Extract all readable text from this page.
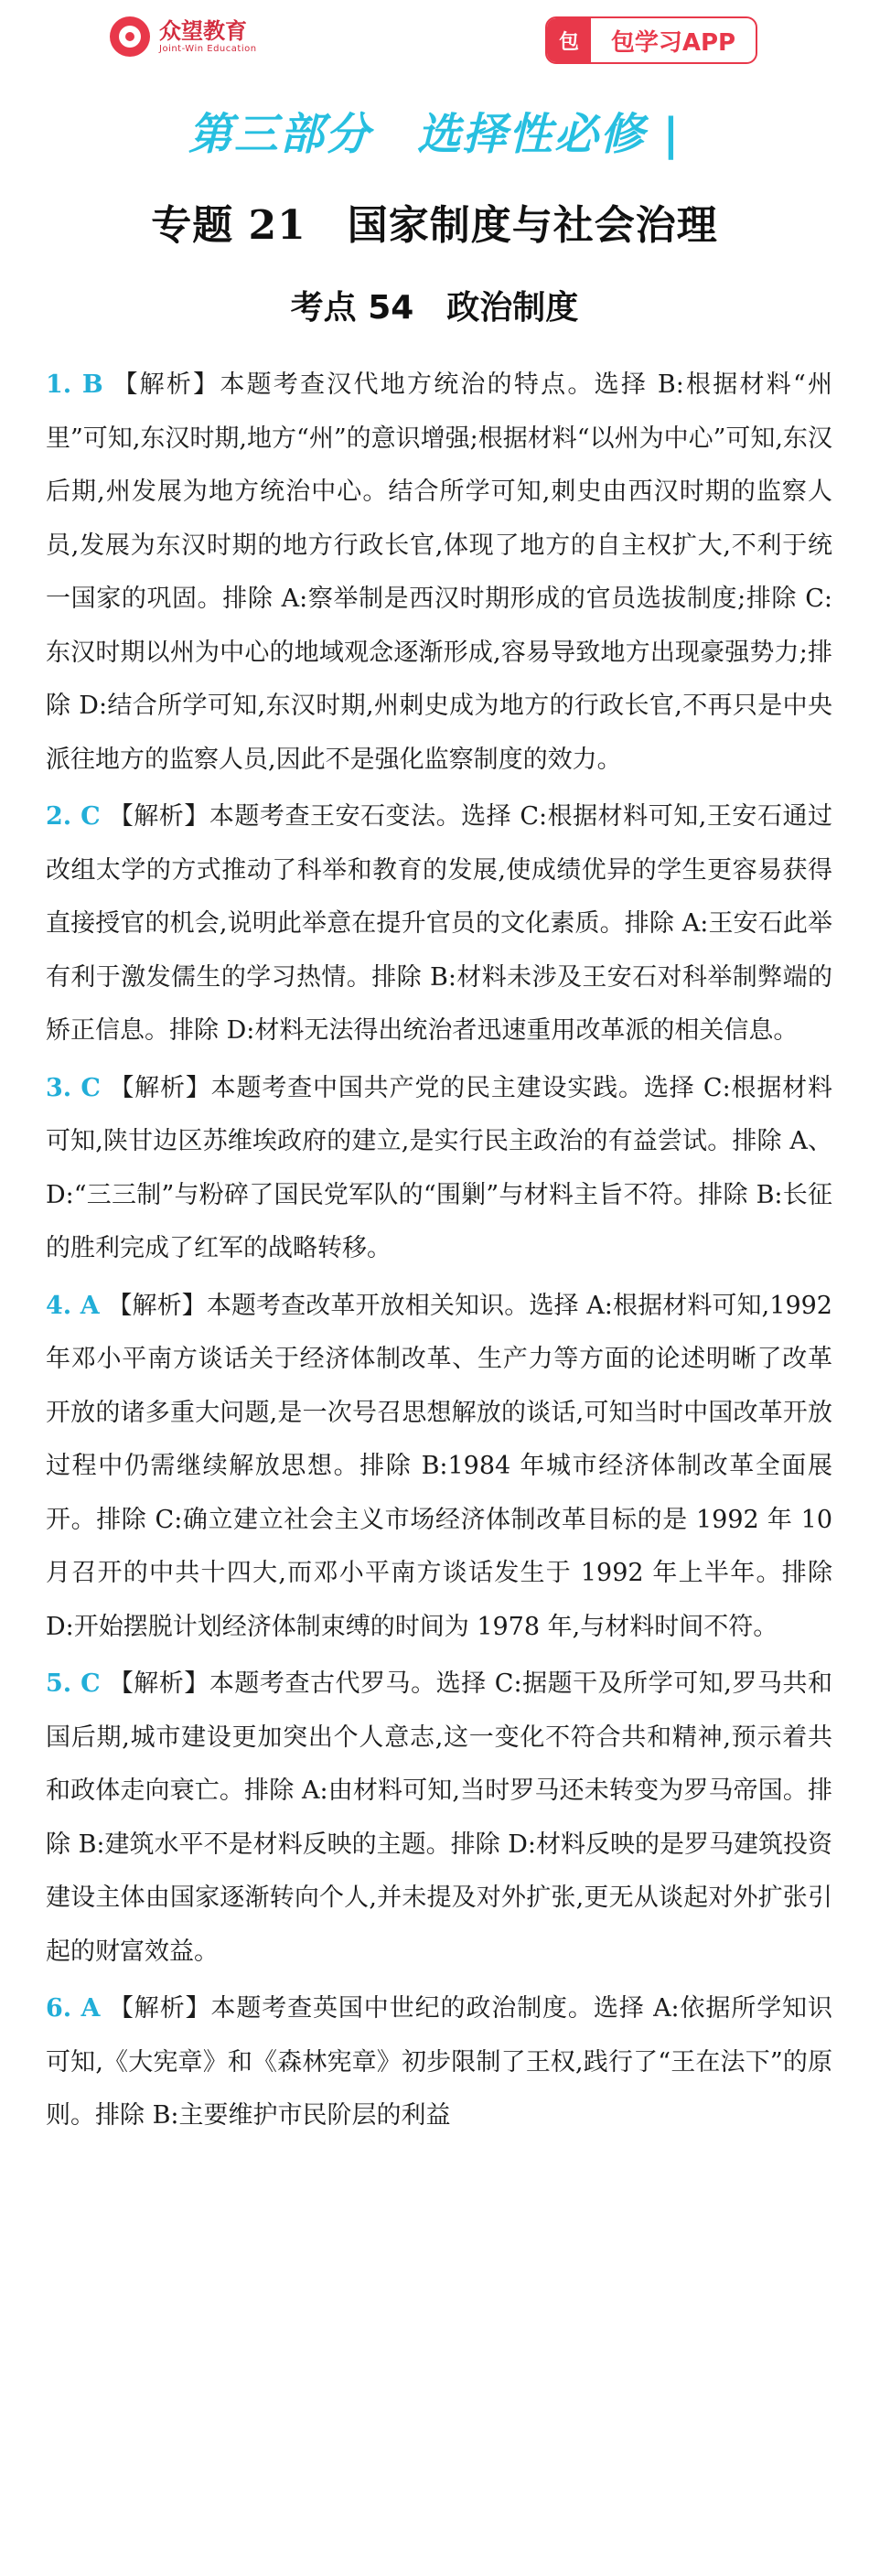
众望教育
Joint-Win Education	包	包学习APP
第三部分　选择性必修 |
专题 21　国家制度与社会治理
考点 54　政治制度
1. B 【解析】本题考查汉代地方统治的特点。选择 B:根据材料“州里”可知,东汉时期,地方“州”的意识增强;根据材料“以州为中心”可知,东汉后期,州发展为地方统治中心。结合所学可知,刺史由西汉时期的监察人员,发展为东汉时期的地方行政长官,体现了地方的自主权扩大,不利于统一国家的巩固。排除 A:察举制是西汉时期形成的官员选拔制度;排除 C:东汉时期以州为中心的地域观念逐渐形成,容易导致地方出现豪强势力;排除 D:结合所学可知,东汉时期,州刺史成为地方的行政长官,不再只是中央派往地方的监察人员,因此不是强化监察制度的效力。
2. C 【解析】本题考查王安石变法。选择 C:根据材料可知,王安石通过改组太学的方式推动了科举和教育的发展,使成绩优异的学生更容易获得直接授官的机会,说明此举意在提升官员的文化素质。排除 A:王安石此举有利于激发儒生的学习热情。排除 B:材料未涉及王安石对科举制弊端的矫正信息。排除 D:材料无法得出统治者迅速重用改革派的相关信息。
3. C 【解析】本题考查中国共产党的民主建设实践。选择 C:根据材料可知,陕甘边区苏维埃政府的建立,是实行民主政治的有益尝试。排除 A、D:“三三制”与粉碎了国民党军队的“围剿”与材料主旨不符。排除 B:长征的胜利完成了红军的战略转移。
4. A 【解析】本题考查改革开放相关知识。选择 A:根据材料可知,1992 年邓小平南方谈话关于经济体制改革、生产力等方面的论述明晰了改革开放的诸多重大问题,是一次号召思想解放的谈话,可知当时中国改革开放过程中仍需继续解放思想。排除 B:1984 年城市经济体制改革全面展开。排除 C:确立建立社会主义市场经济体制改革目标的是 1992 年 10 月召开的中共十四大,而邓小平南方谈话发生于 1992 年上半年。排除 D:开始摆脱计划经济体制束缚的时间为 1978 年,与材料时间不符。
5. C 【解析】本题考查古代罗马。选择 C:据题干及所学可知,罗马共和国后期,城市建设更加突出个人意志,这一变化不符合共和精神,预示着共和政体走向衰亡。排除 A:由材料可知,当时罗马还未转变为罗马帝国。排除 B:建筑水平不是材料反映的主题。排除 D:材料反映的是罗马建筑投资建设主体由国家逐渐转向个人,并未提及对外扩张,更无从谈起对外扩张引起的财富效益。
6. A 【解析】本题考查英国中世纪的政治制度。选择 A:依据所学知识可知,《大宪章》和《森林宪章》初步限制了王权,践行了“王在法下”的原则。排除 B:主要维护市民阶层的利益
